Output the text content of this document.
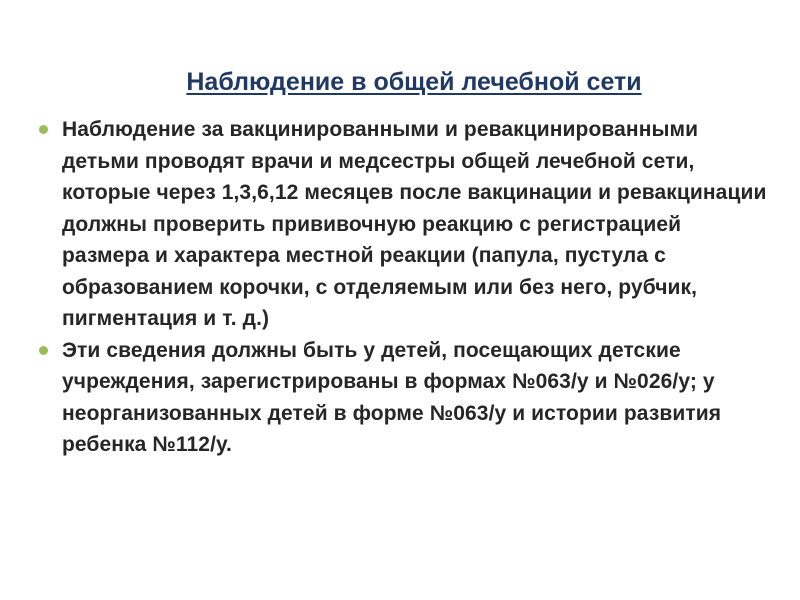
Наблюдение в общей лечебной сети
Наблюдение за вакцинированными и ревакцинированными детьми проводят врачи и медсестры общей лечебной сети, которые через 1,3,6,12 месяцев после вакцинации и ревакцинации должны проверить прививочную реакцию с регистрацией размера и характера местной реакции (папула, пустула с образованием корочки, с отделяемым или без него, рубчик, пигментация и т. д.)
Эти сведения должны быть у детей, посещающих детские учреждения, зарегистрированы в формах №063/у и №026/у; у неорганизованных детей в форме №063/у и истории развития ребенка №112/у.
